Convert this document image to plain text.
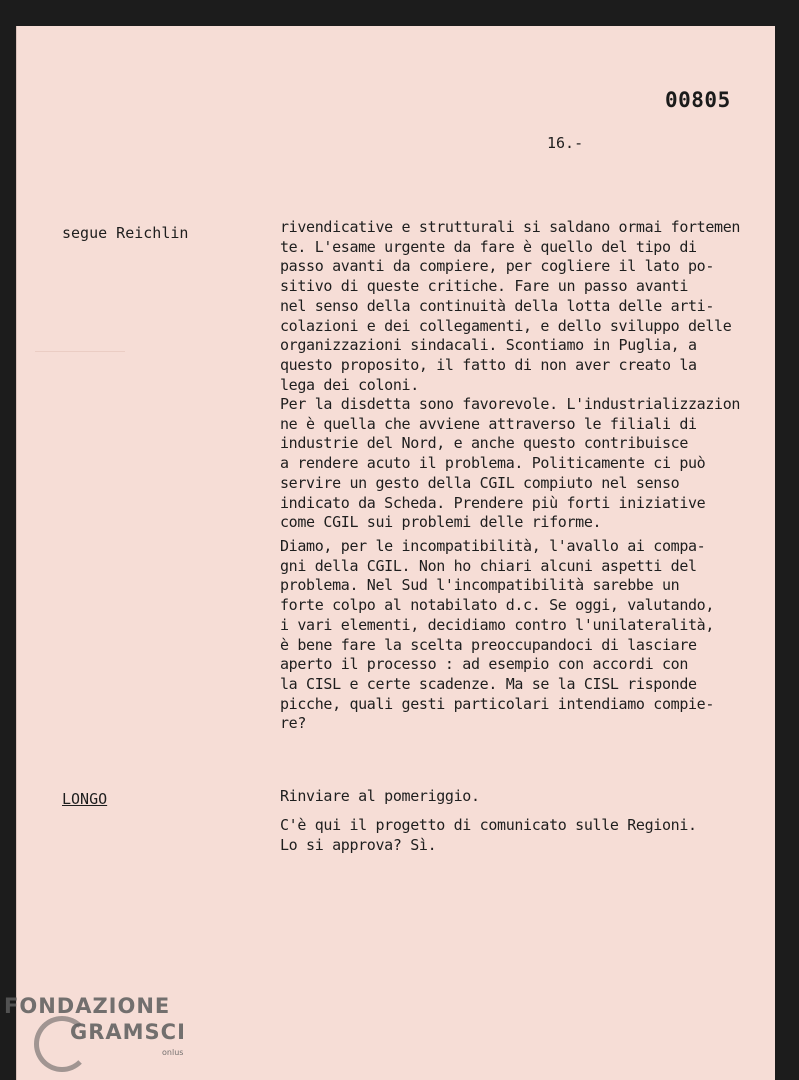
00805
16.-
segue Reichlin	rivendicative e strutturali si saldano ormai fortemen
te. L'esame urgente da fare è quello del tipo di
passo avanti da compiere, per cogliere il lato po-
sitivo di queste critiche. Fare un passo avanti
nel senso della continuità della lotta delle arti-
colazioni e dei collegamenti, e dello sviluppo delle
organizzazioni sindacali. Scontiamo in Puglia, a
questo proposito, il fatto di non aver creato la
lega dei coloni.

Per la disdetta sono favorevole. L'industrializzazion
ne è quella che avviene attraverso le filiali di
industrie del Nord, e anche questo contribuisce
a rendere acuto il problema. Politicamente ci può
servire un gesto della CGIL compiuto nel senso
indicato da Scheda. Prendere più forti iniziative
come CGIL sui problemi delle riforme.

Diamo, per le incompatibilità, l'avallo ai compa-
gni della CGIL. Non ho chiari alcuni aspetti del
problema. Nel Sud l'incompatibilità sarebbe un
forte colpo al notabilato d.c. Se oggi, valutando,
i vari elementi, decidiamo contro l'unilateralità,
è bene fare la scelta preoccupandoci di lasciare
aperto il processo : ad esempio con accordi con
la CISL e certe scadenze. Ma se la CISL risponde
picche, quali gesti particolari intendiamo compie-
re?

LONGO	Rinviare al pomeriggio.

C'è qui il progetto di comunicato sulle Regioni.
Lo si approva? Sì.

FONDAZIONE
GRAMSCI
onlus
